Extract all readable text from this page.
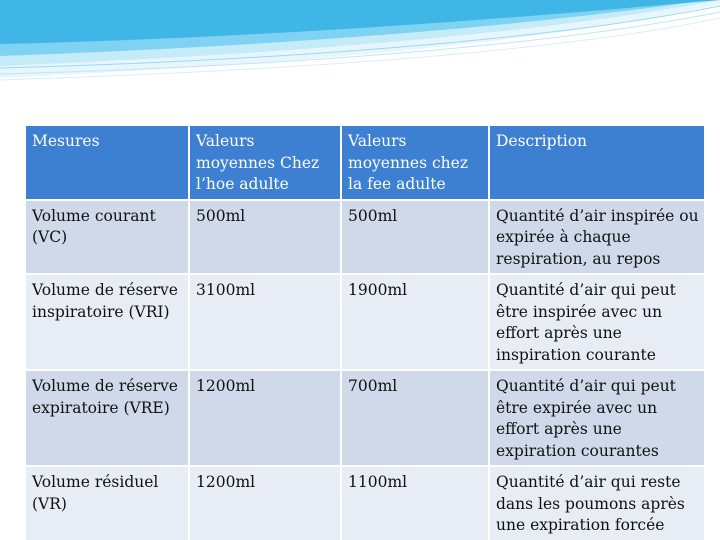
Mesures	Valeurs moyennes Chez l’hoe adulte	Valeurs moyennes chez la fee adulte	Description
Volume courant (VC)	500ml	500ml	Quantité d’air inspirée ou expirée à chaque respiration, au repos
Volume de réserve inspiratoire (VRI)	3100ml	1900ml	Quantité d’air qui peut être inspirée avec un effort après une inspiration courante
Volume de réserve expiratoire (VRE)	1200ml	700ml	Quantité d’air qui peut être expirée avec un effort après une expiration courantes
Volume résiduel (VR)	1200ml	1100ml	Quantité d’air qui reste dans les poumons après une expiration forcée
